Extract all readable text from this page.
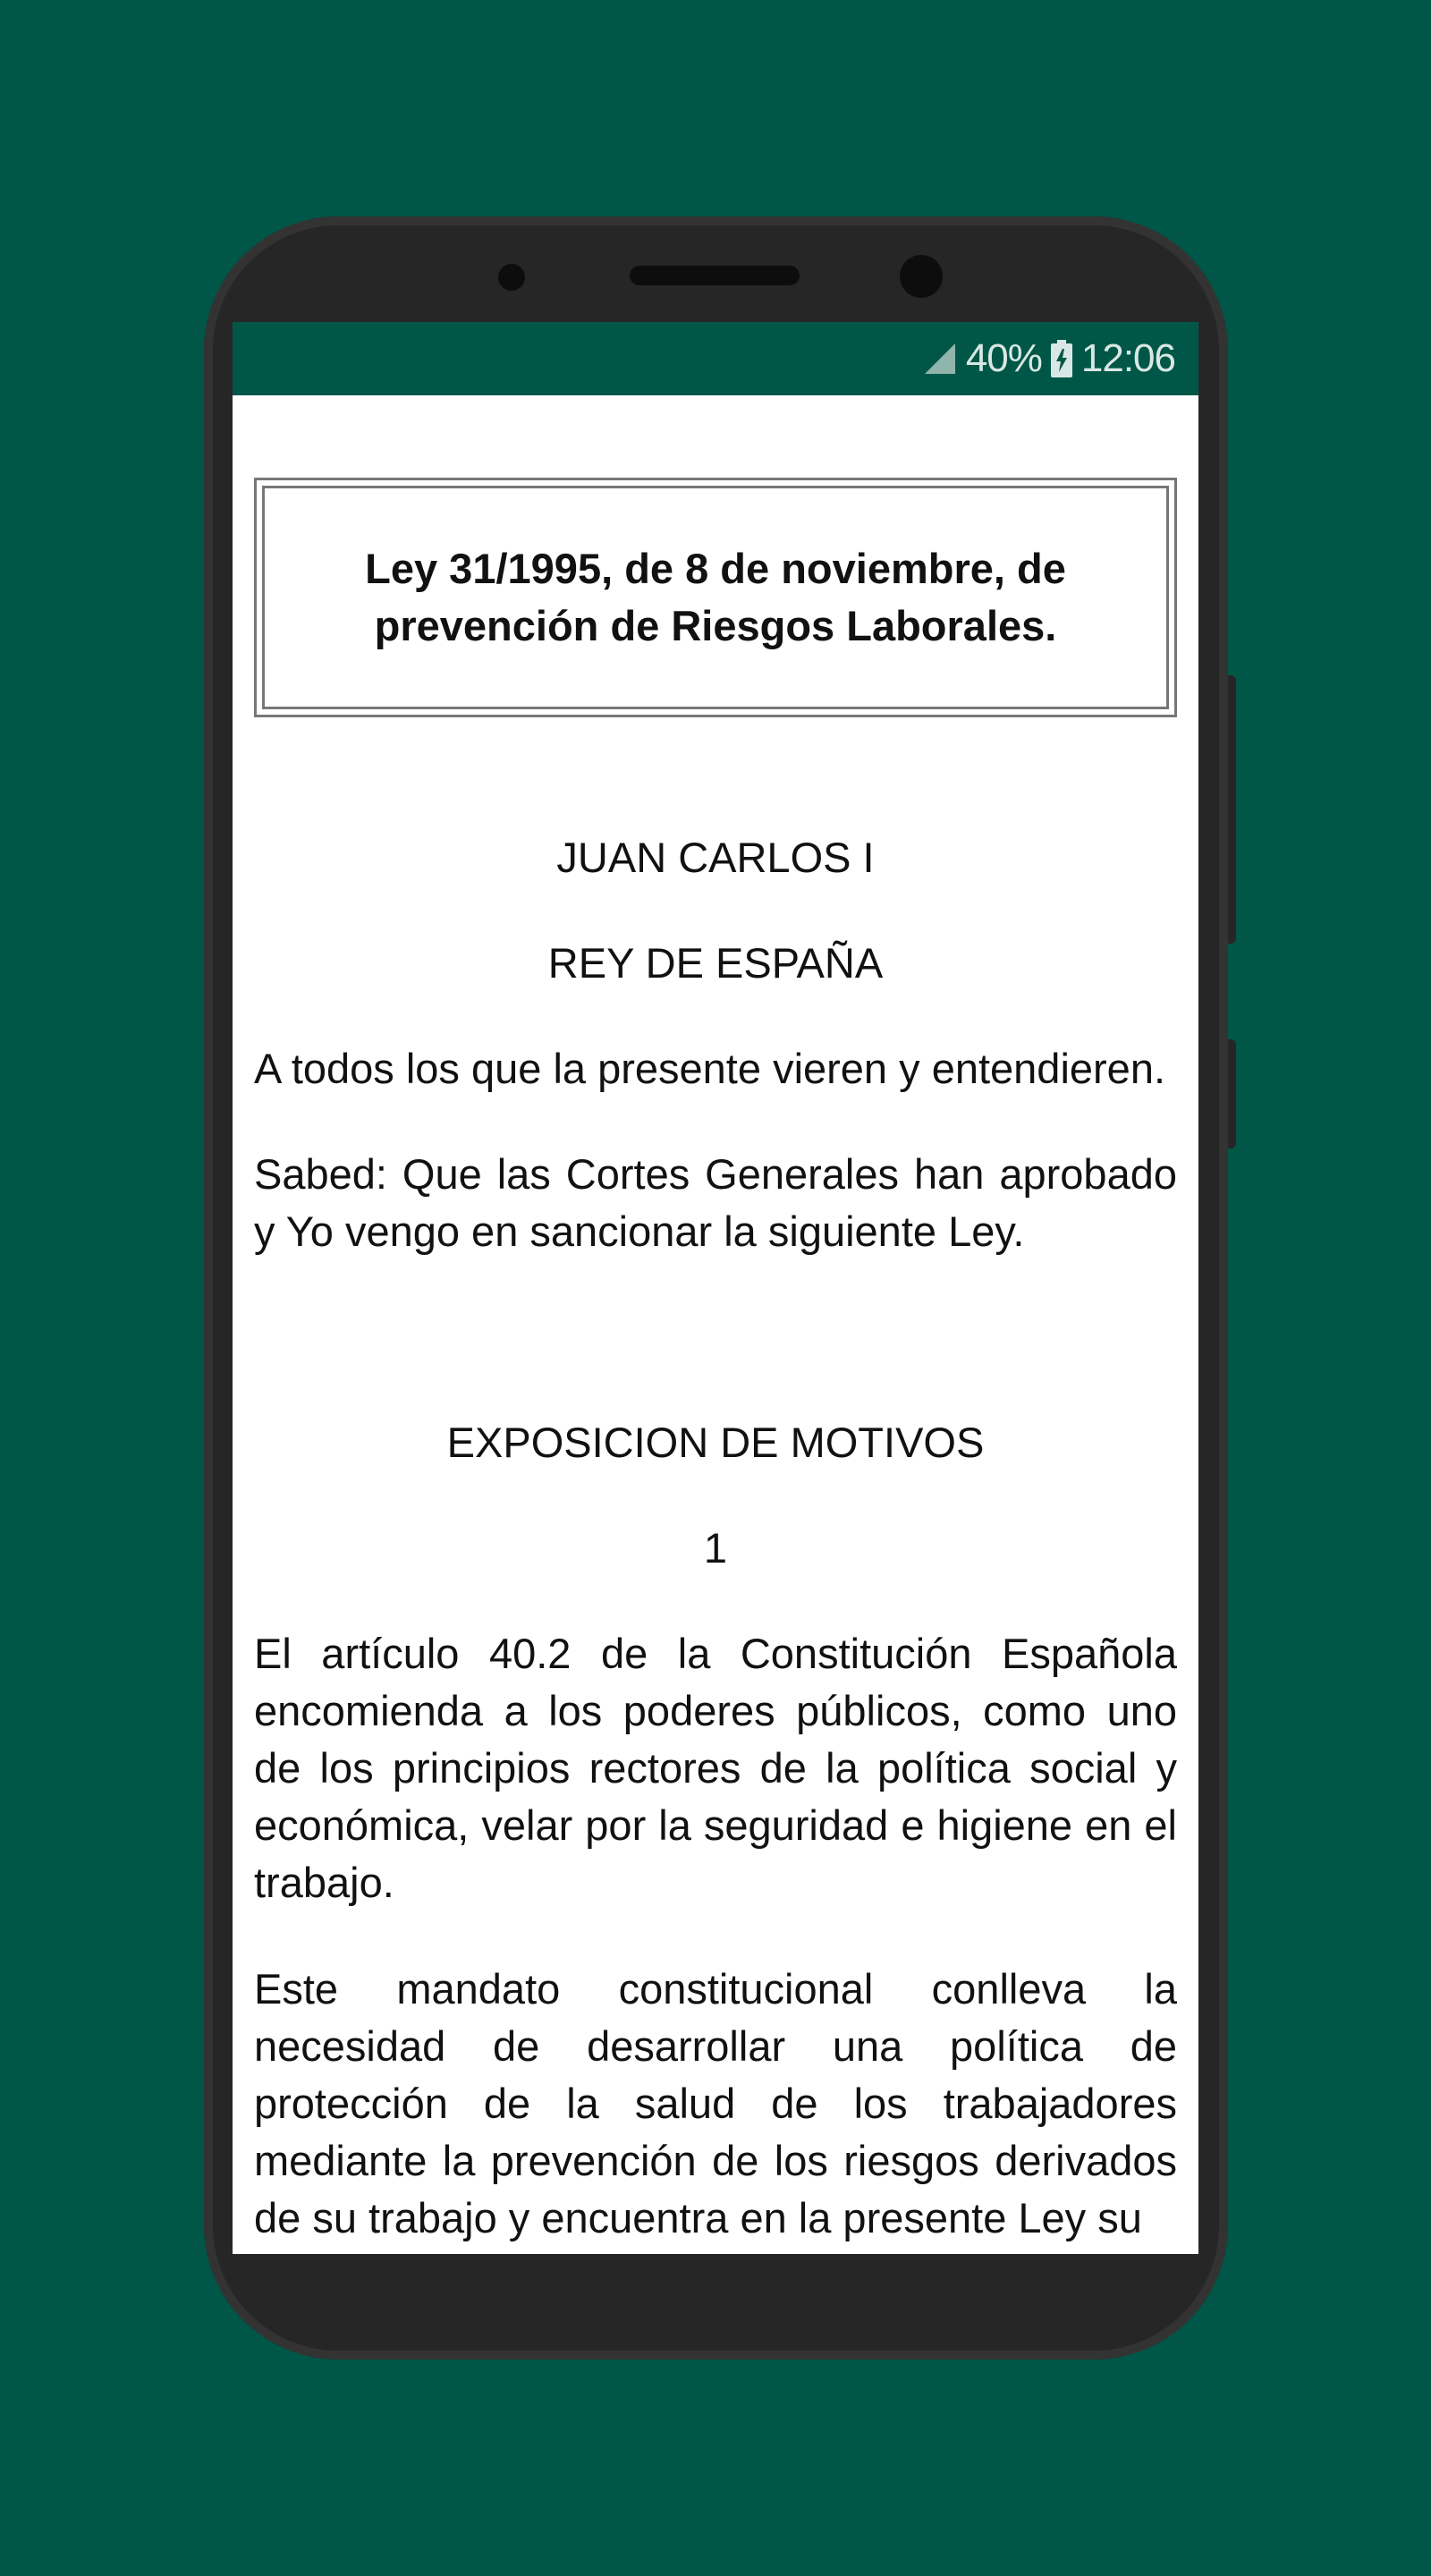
40% 12:06
Ley 31/1995, de 8 de noviembre, de prevención de Riesgos Laborales.
JUAN CARLOS I
REY DE ESPAÑA
A todos los que la presente vieren y entendieren.
Sabed: Que las Cortes Generales han aprobado y Yo vengo en sancionar la siguiente Ley.
EXPOSICION DE MOTIVOS
1
El artículo 40.2 de la Constitución Española encomienda a los poderes públicos, como uno de los principios rectores de la política social y económica, velar por la seguridad e higiene en el trabajo.
Este mandato constitucional conlleva la necesidad de desarrollar una política de protección de la salud de los trabajadores mediante la prevención de los riesgos derivados de su trabajo y encuentra en la presente Ley su
